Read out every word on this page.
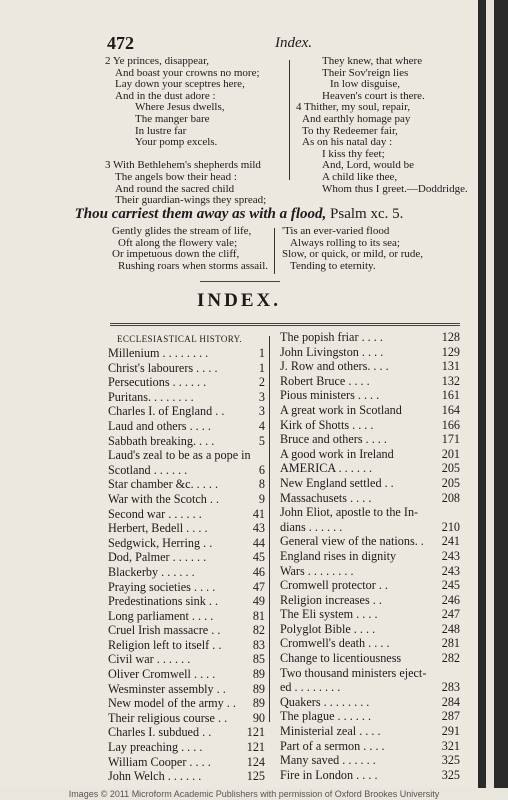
472	Index.
2 Ye princes, disappear,
And boast your crowns no more;
Lay down your sceptres here,
And in the dust adore :
Where Jesus dwells,
The manger bare
In lustre far
Your pomp excels.
3 With Bethlehem's shepherds mild
The angels bow their head :
And round the sacred child
Their guardian-wings they spread;
They knew, that where
Their Sov'reign lies
In low disguise,
Heaven's court is there.
4 Thither, my soul, repair,
And earthly homage pay
To thy Redeemer fair,
As on his natal day :
I kiss thy feet;
And, Lord, would be
A child like thee,
Whom thus I greet.—Doddridge.
Thou carriest them away as with a flood, Psalm xc. 5.
Gently glides the stream of life,
Oft along the flowery vale;
Or impetuous down the cliff,
Rushing roars when storms assail.
'Tis an ever-varied flood
Always rolling to its sea;
Slow, or quick, or mild, or rude,
Tending to eternity.
INDEX.
ECCLESIASTICAL HISTORY.
Millenium . . . . . . . .	1
Christ's labourers . . . .	1
Persecutions . . . . . .	2
Puritans. . . . . . . .	3
Charles I. of England . .	3
Laud and others . . . .	4
Sabbath breaking. . . .	5
Laud's zeal to be as a pope in
Scotland . . . . . .	6
Star chamber &c. . . . .	8
War with the Scotch . .	9
Second war . . . . . .	41
Herbert, Bedell . . . .	43
Sedgwick, Herring . .	44
Dod, Palmer . . . . . .	45
Blackerby . . . . . .	46
Praying societies . . . .	47
Predestinations sink . .	49
Long parliament . . . .	81
Cruel Irish massacre . .	82
Religion left to itself . .	83
Civil war . . . . . .	85
Oliver Cromwell . . . .	89
Wesminster assembly . . 89
New model of the army . . 89
Their religious course . . 90
Charles I. subdued . .	121
Lay preaching . . . .	121
William Cooper . . . .	124
John Welch . . . . . .	125
The popish friar . . . .	128
John Livingston . . . .	129
J. Row and others. . . .	131
Robert Bruce . . . .	132
Pious ministers . . . .	161
A great work in Scotland	164
Kirk of Shotts . . . .	166
Bruce and others . . . .	171
A good work in Ireland	201
AMERICA . . . . . .	205
New England settled . .	205
Massachusets . . . .	208
John Eliot, apostle to the In-
dians . . . . . .	210
General view of the nations. . 241
England rises in dignity	243
Wars . . . . . . . .	243
Cromwell protector . .	245
Religion increases . .	246
The Eli system . . . .	247
Polyglot Bible . . . .	248
Cromwell's death . . . .	281
Change to licentiousness	282
Two thousand ministers eject-
ed . . . . . . . .	283
Quakers . . . . . . . .	284
The plague . . . . . .	287
Ministerial zeal . . . .	291
Part of a sermon . . . .	321
Many saved . . . . . .	325
Fire in London . . . .	325
Images © 2011 Microform Academic Publishers with permission of Oxford Brookes University
